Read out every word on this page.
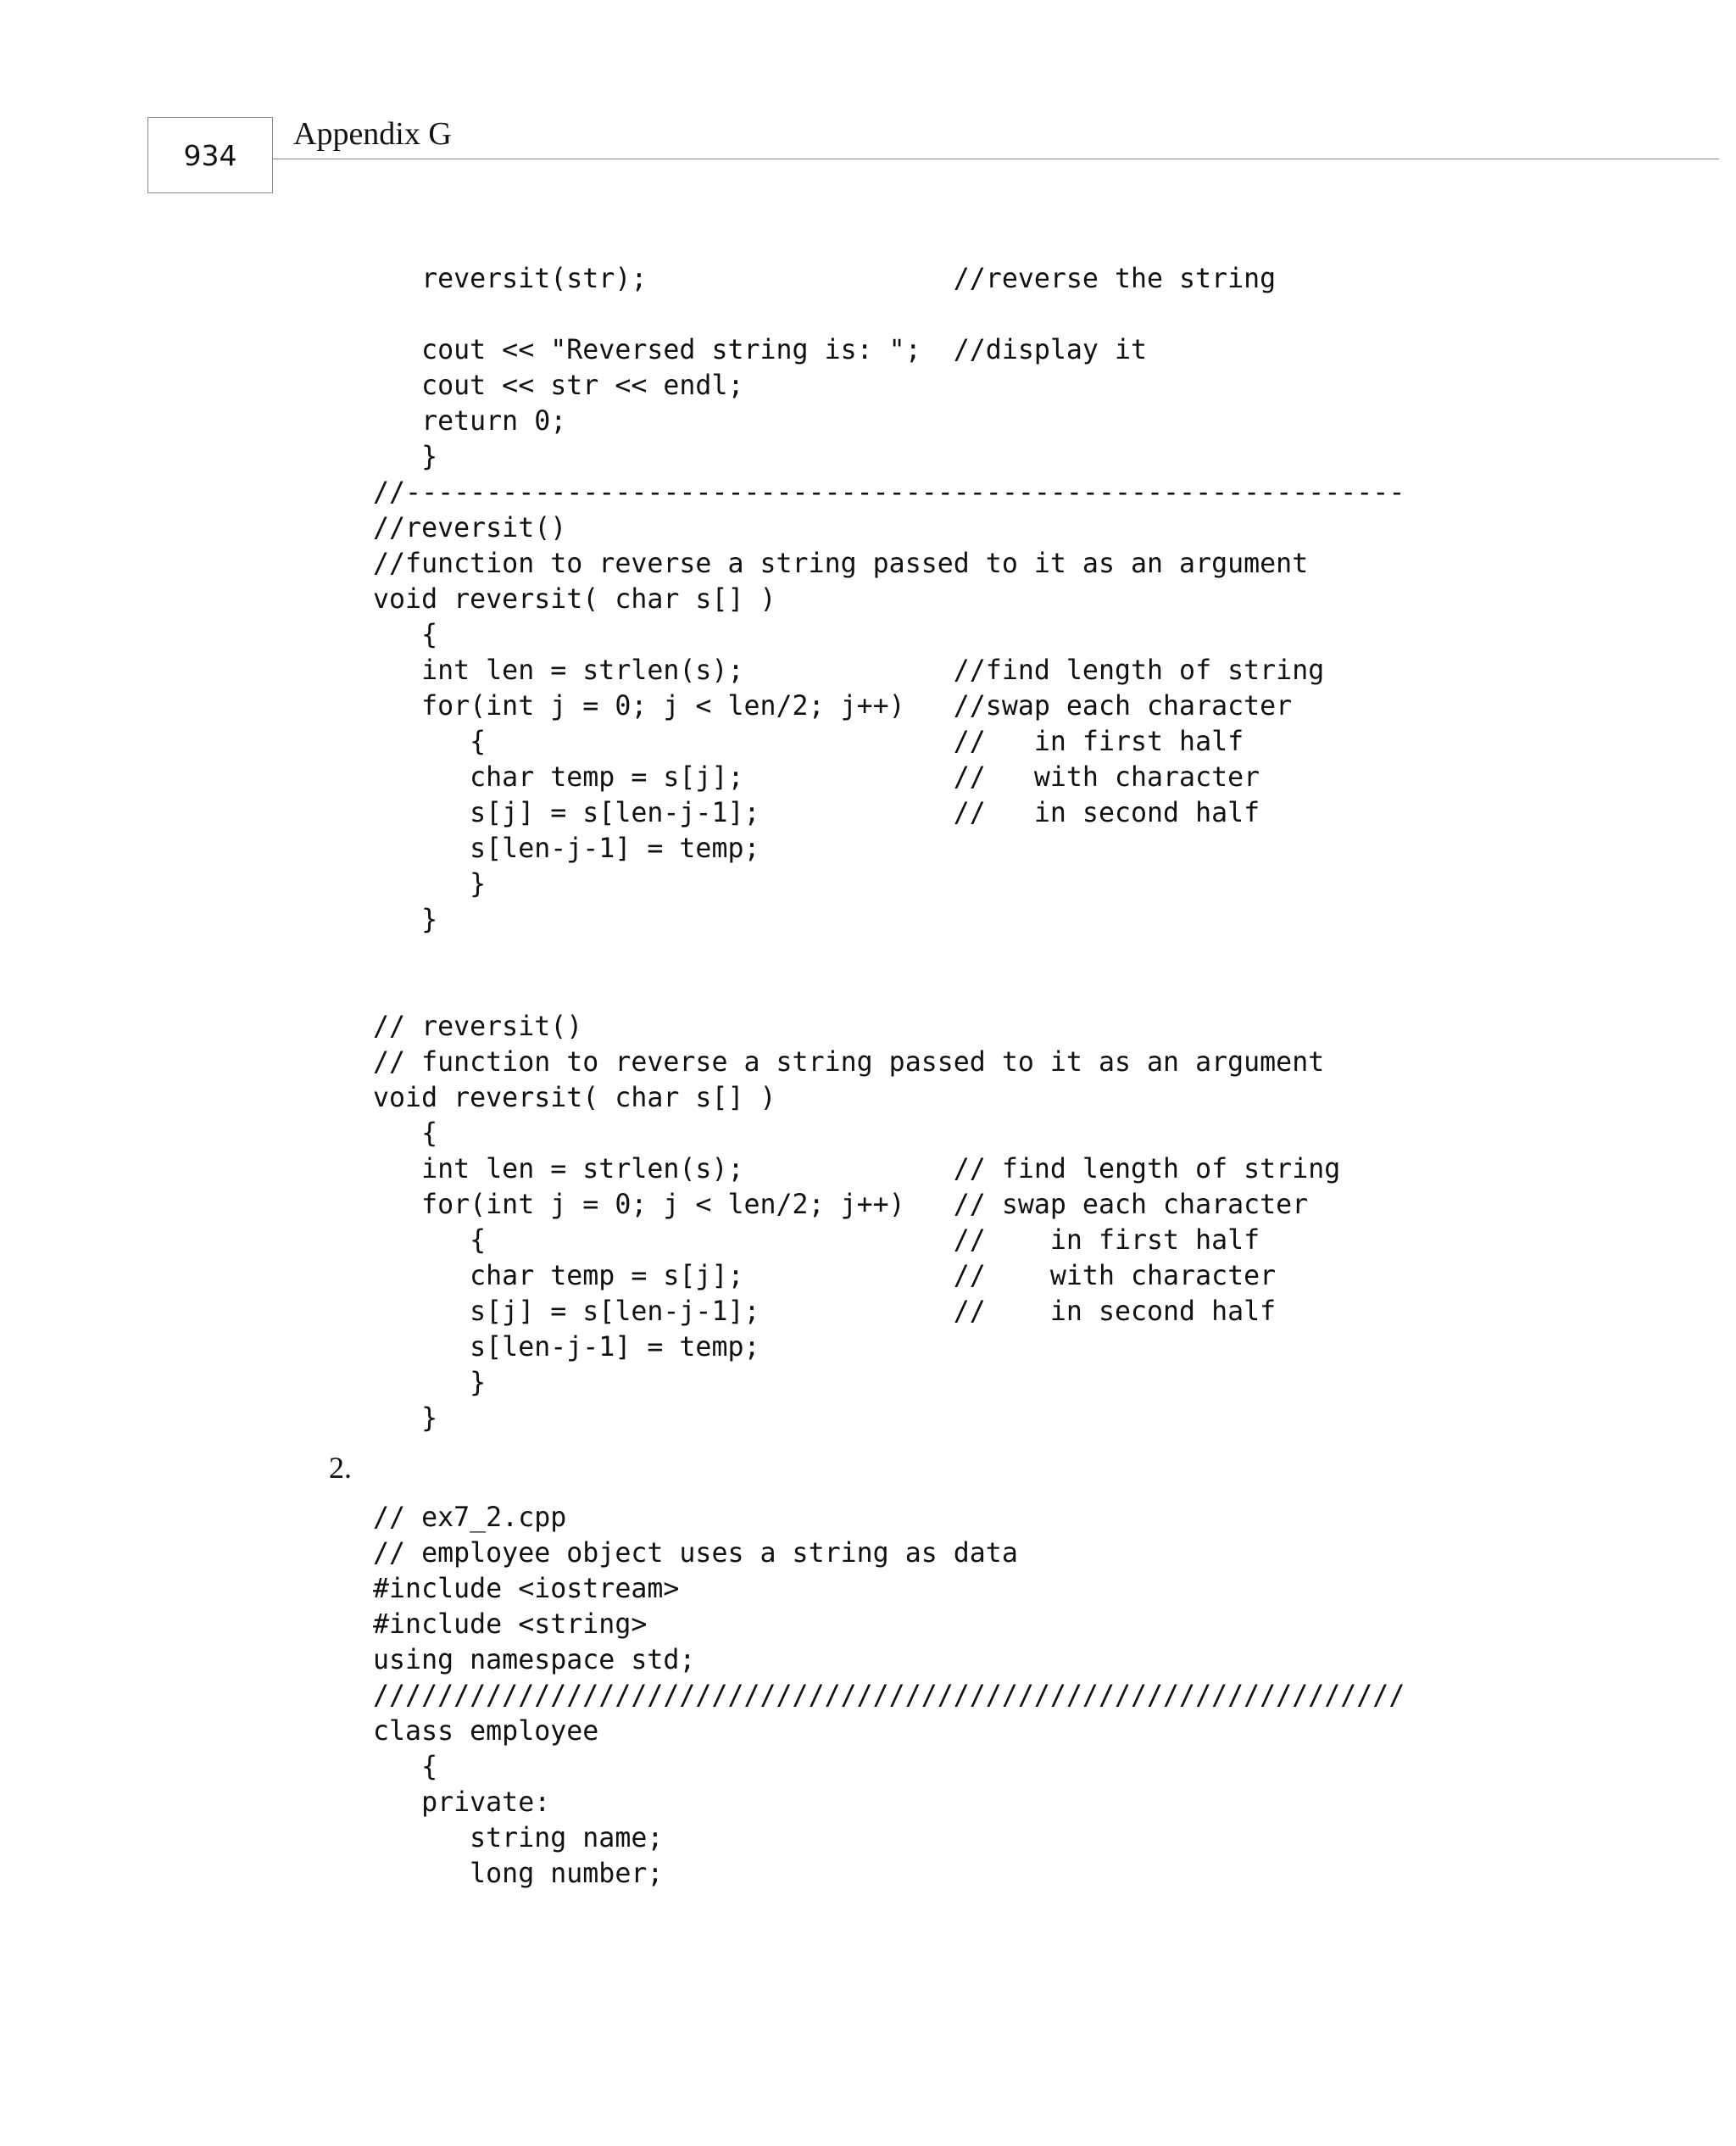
934
Appendix G
reversit(str);                   //reverse the string
cout << "Reversed string is: ";  //display it
cout << str << endl;
return 0;
}
//--------------------------------------------------------------
//reversit()
//function to reverse a string passed to it as an argument
void reversit( char s[] )
{
int len = strlen(s);             //find length of string
for(int j = 0; j < len/2; j++)   //swap each character
{                             //   in first half
char temp = s[j];             //   with character
s[j] = s[len-j-1];            //   in second half
s[len-j-1] = temp;
}
}
// reversit()
// function to reverse a string passed to it as an argument
void reversit( char s[] )
{
int len = strlen(s);             // find length of string
for(int j = 0; j < len/2; j++)   // swap each character
{                             //    in first half
char temp = s[j];             //    with character
s[j] = s[len-j-1];            //    in second half
s[len-j-1] = temp;
}
}
2.
// ex7_2.cpp
// employee object uses a string as data
#include <iostream>
#include <string>
using namespace std;
////////////////////////////////////////////////////////////////
class employee
{
private:
string name;
long number;
